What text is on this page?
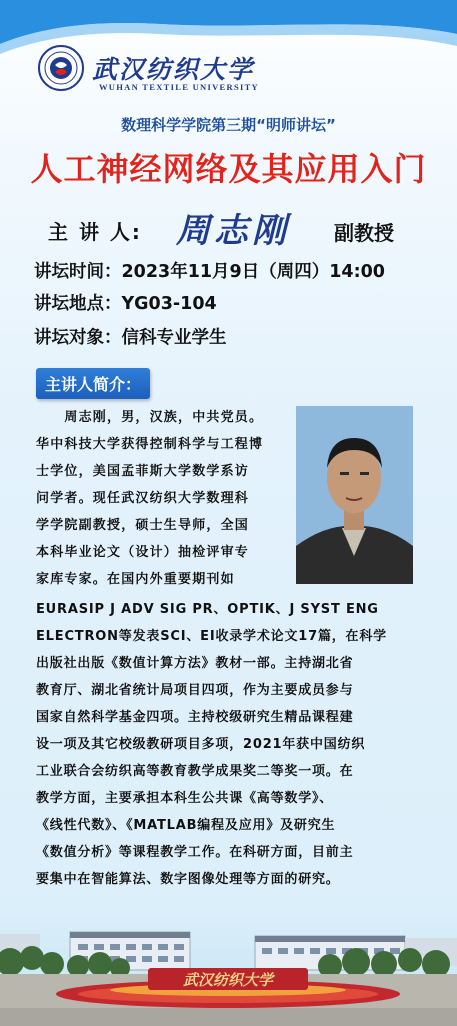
武汉纺织大学
WUHAN TEXTILE UNIVERSITY
数理科学学院第三期“明师讲坛”
人工神经网络及其应用入门
主 讲 人: 周志刚 副教授
讲坛时间：2023年11月9日（周四）14:00
讲坛地点：YG03-104
讲坛对象：信科专业学生
主讲人简介：
　　周志刚，男，汉族，中共党员。
华中科技大学获得控制科学与工程博
士学位，美国孟菲斯大学数学系访
问学者。现任武汉纺织大学数理科
学学院副教授，硕士生导师，全国
本科毕业论文（设计）抽检评审专
家库专家。在国内外重要期刊如
EURASIP J ADV SIG PR、OPTIK、J SYST ENG
ELECTRON等发表SCI、EI收录学术论文17篇，在科学
出版社出版《数值计算方法》教材一部。主持湖北省
教育厅、湖北省统计局项目四项，作为主要成员参与
国家自然科学基金四项。主持校级研究生精品课程建
设一项及其它校级教研项目多项，2021年获中国纺织
工业联合会纺织高等教育教学成果奖二等奖一项。在
教学方面，主要承担本科生公共课《高等数学》、
《线性代数》、《MATLAB编程及应用》及研究生
《数值分析》等课程教学工作。在科研方面，目前主
要集中在智能算法、数字图像处理等方面的研究。
武汉纺织大学
